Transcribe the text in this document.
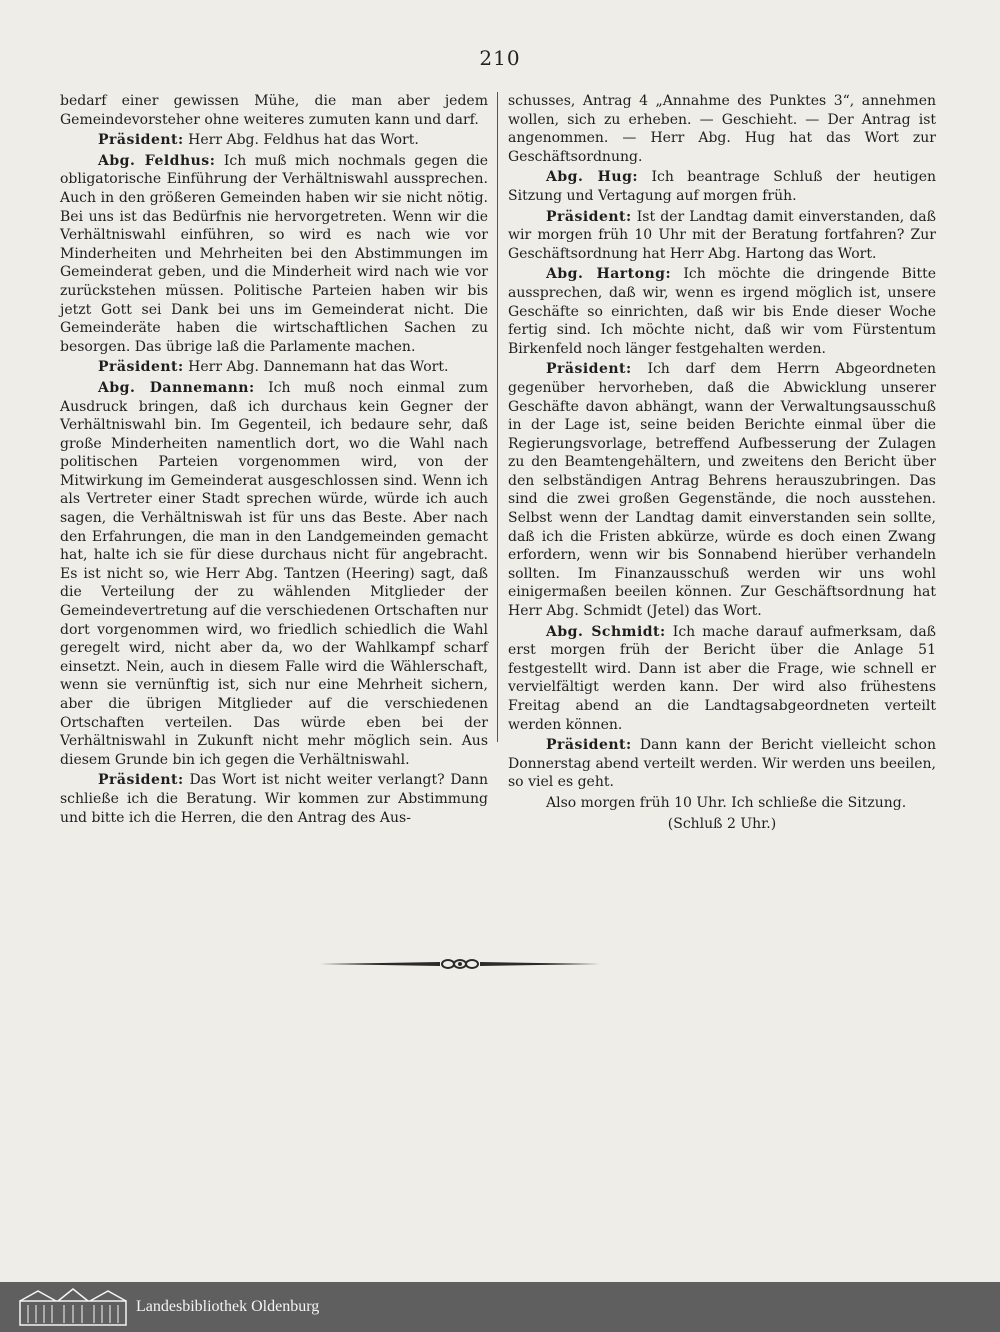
210

bedarf einer gewissen Mühe, die man aber jedem Gemeindevorsteher ohne weiteres zumuten kann und darf.

Präsident: Herr Abg. Feldhus hat das Wort.

Abg. Feldhus: Ich muß mich nochmals gegen die obligatorische Einführung der Verhältniswahl aussprechen. Auch in den größeren Gemeinden haben wir sie nicht nötig. Bei uns ist das Bedürfnis nie hervorgetreten. Wenn wir die Verhältniswahl einführen, so wird es nach wie vor Minderheiten und Mehrheiten bei den Abstimmungen im Gemeinderat geben, und die Minderheit wird nach wie vor zurückstehen müssen. Politische Parteien haben wir bis jetzt Gott sei Dank bei uns im Gemeinderat nicht. Die Gemeinderäte haben die wirtschaftlichen Sachen zu besorgen. Das übrige laß die Parlamente machen.

Präsident: Herr Abg. Dannemann hat das Wort.

Abg. Dannemann: Ich muß noch einmal zum Ausdruck bringen, daß ich durchaus kein Gegner der Verhältniswahl bin. Im Gegenteil, ich bedaure sehr, daß große Minderheiten namentlich dort, wo die Wahl nach politischen Parteien vorgenommen wird, von der Mitwirkung im Gemeinderat ausgeschlossen sind. Wenn ich als Vertreter einer Stadt sprechen würde, würde ich auch sagen, die Verhältniswah ist für uns das Beste. Aber nach den Erfahrungen, die man in den Landgemeinden gemacht hat, halte ich sie für diese durchaus nicht für angebracht. Es ist nicht so, wie Herr Abg. Tantzen (Heering) sagt, daß die Verteilung der zu wählenden Mitglieder der Gemeindevertretung auf die verschiedenen Ortschaften nur dort vorgenommen wird, wo friedlich schiedlich die Wahl geregelt wird, nicht aber da, wo der Wahlkampf scharf einsetzt. Nein, auch in diesem Falle wird die Wählerschaft, wenn sie vernünftig ist, sich nur eine Mehrheit sichern, aber die übrigen Mitglieder auf die verschiedenen Ortschaften verteilen. Das würde eben bei der Verhältniswahl in Zukunft nicht mehr möglich sein. Aus diesem Grunde bin ich gegen die Verhältniswahl.

Präsident: Das Wort ist nicht weiter verlangt? Dann schließe ich die Beratung. Wir kommen zur Abstimmung und bitte ich die Herren, die den Antrag des Aus-

schusses, Antrag 4 „Annahme des Punktes 3“, annehmen wollen, sich zu erheben. — Geschieht. — Der Antrag ist angenommen. — Herr Abg. Hug hat das Wort zur Geschäftsordnung.

Abg. Hug: Ich beantrage Schluß der heutigen Sitzung und Vertagung auf morgen früh.

Präsident: Ist der Landtag damit einverstanden, daß wir morgen früh 10 Uhr mit der Beratung fortfahren? Zur Geschäftsordnung hat Herr Abg. Hartong das Wort.

Abg. Hartong: Ich möchte die dringende Bitte aussprechen, daß wir, wenn es irgend möglich ist, unsere Geschäfte so einrichten, daß wir bis Ende dieser Woche fertig sind. Ich möchte nicht, daß wir vom Fürstentum Birkenfeld noch länger festgehalten werden.

Präsident: Ich darf dem Herrn Abgeordneten gegenüber hervorheben, daß die Abwicklung unserer Geschäfte davon abhängt, wann der Verwaltungsausschuß in der Lage ist, seine beiden Berichte einmal über die Regierungsvorlage, betreffend Aufbesserung der Zulagen zu den Beamtengehältern, und zweitens den Bericht über den selbständigen Antrag Behrens herauszubringen. Das sind die zwei großen Gegenstände, die noch ausstehen. Selbst wenn der Landtag damit einverstanden sein sollte, daß ich die Fristen abkürze, würde es doch einen Zwang erfordern, wenn wir bis Sonnabend hierüber verhandeln sollten. Im Finanzausschuß werden wir uns wohl einigermaßen beeilen können. Zur Geschäftsordnung hat Herr Abg. Schmidt (Jetel) das Wort.

Abg. Schmidt: Ich mache darauf aufmerksam, daß erst morgen früh der Bericht über die Anlage 51 festgestellt wird. Dann ist aber die Frage, wie schnell er vervielfältigt werden kann. Der wird also frühestens Freitag abend an die Landtagsabgeordneten verteilt werden können.

Präsident: Dann kann der Bericht vielleicht schon Donnerstag abend verteilt werden. Wir werden uns beeilen, so viel es geht.

Also morgen früh 10 Uhr. Ich schließe die Sitzung.

(Schluß 2 Uhr.)

Landesbibliothek Oldenburg
